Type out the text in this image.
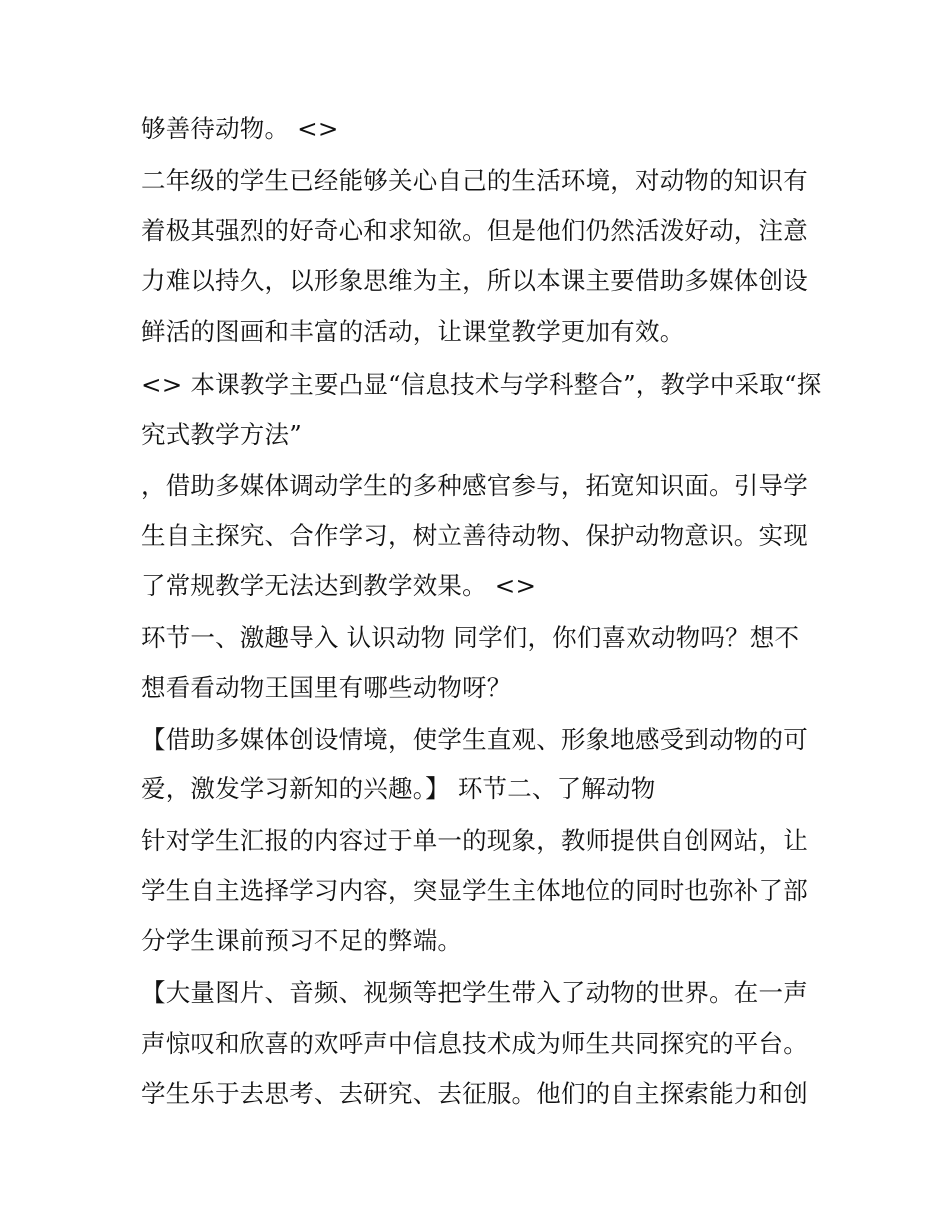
够善待动物。 <>
二年级的学生已经能够关心自己的生活环境，对动物的知识有
着极其强烈的好奇心和求知欲。但是他们仍然活泼好动，注意
力难以持久，以形象思维为主，所以本课主要借助多媒体创设
鲜活的图画和丰富的活动，让课堂教学更加有效。
<> 本课教学主要凸显“信息技术与学科整合”，教学中采取“探
究式教学方法”
，借助多媒体调动学生的多种感官参与，拓宽知识面。引导学
生自主探究、合作学习，树立善待动物、保护动物意识。实现
了常规教学无法达到教学效果。 <>
环节一、激趣导入 认识动物 同学们，你们喜欢动物吗？想不
想看看动物王国里有哪些动物呀？
【借助多媒体创设情境，使学生直观、形象地感受到动物的可
爱，激发学习新知的兴趣。】 环节二、了解动物
针对学生汇报的内容过于单一的现象，教师提供自创网站，让
学生自主选择学习内容，突显学生主体地位的同时也弥补了部
分学生课前预习不足的弊端。
【大量图片、音频、视频等把学生带入了动物的世界。在一声
声惊叹和欣喜的欢呼声中信息技术成为师生共同探究的平台。
学生乐于去思考、去研究、去征服。他们的自主探索能力和创
